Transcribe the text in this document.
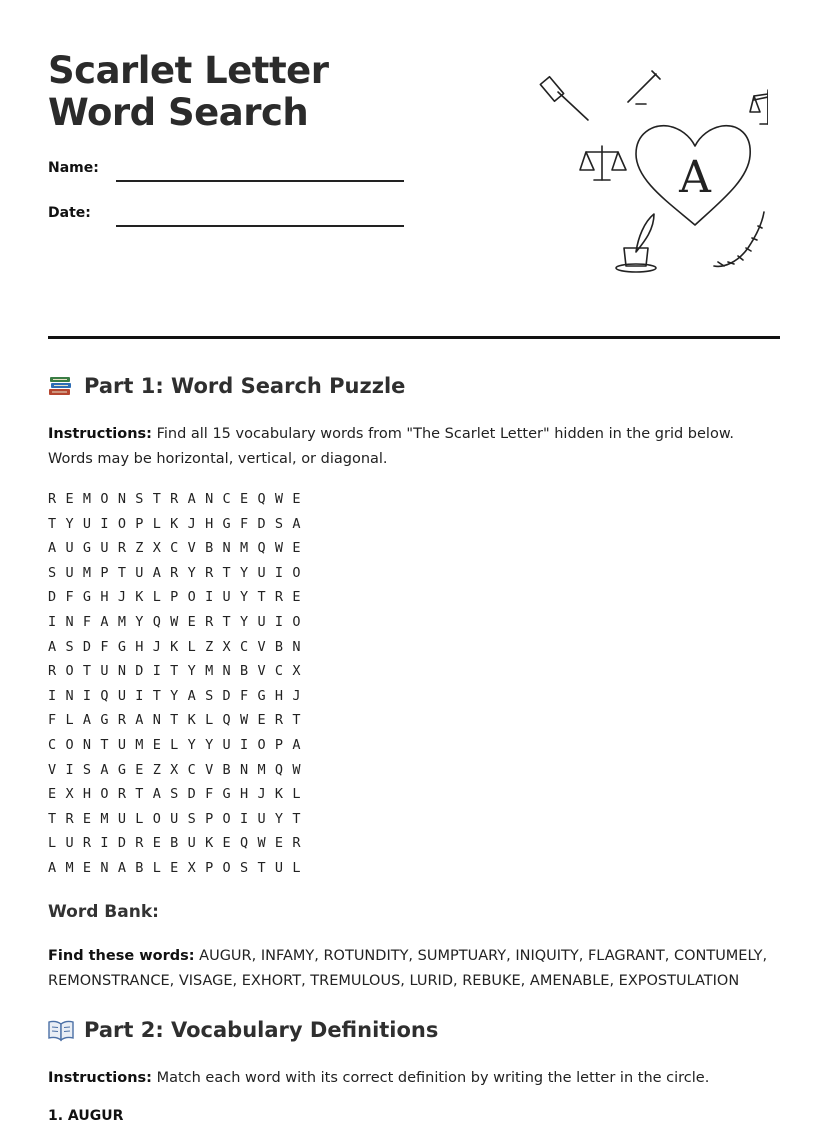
Scarlet Letter Word Search
Name:
Date:
A
Part 1: Word Search Puzzle
Instructions: Find all 15 vocabulary words from "The Scarlet Letter" hidden in the grid below. Words may be horizontal, vertical, or diagonal.
R E M O N S T R A N C E Q W E
T Y U I O P L K J H G F D S A
A U G U R Z X C V B N M Q W E
S U M P T U A R Y R T Y U I O
D F G H J K L P O I U Y T R E
I N F A M Y Q W E R T Y U I O
A S D F G H J K L Z X C V B N
R O T U N D I T Y M N B V C X
I N I Q U I T Y A S D F G H J
F L A G R A N T K L Q W E R T
C O N T U M E L Y Y U I O P A
V I S A G E Z X C V B N M Q W
E X H O R T A S D F G H J K L
T R E M U L O U S P O I U Y T
L U R I D R E B U K E Q W E R
A M E N A B L E X P O S T U L
Word Bank:
Find these words: AUGUR, INFAMY, ROTUNDITY, SUMPTUARY, INIQUITY, FLAGRANT, CONTUMELY, REMONSTRANCE, VISAGE, EXHORT, TREMULOUS, LURID, REBUKE, AMENABLE, EXPOSTULATION
Part 2: Vocabulary Definitions
Instructions: Match each word with its correct definition by writing the letter in the circle.
1. AUGUR
